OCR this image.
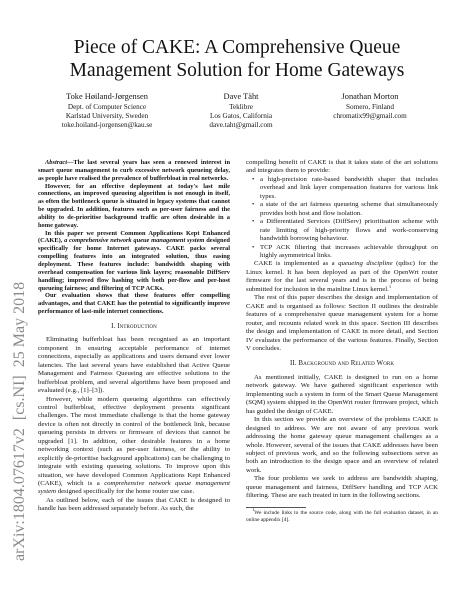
Piece of CAKE: A Comprehensive Queue Management Solution for Home Gateways
Toke Høiland-Jørgensen
Dept. of Computer Science
Karlstad University, Sweden
toke.hoiland-jorgensen@kau.se
Dave Täht
Teklibre
Los Gatos, California
dave.taht@gmail.com
Jonathan Morton
Somero, Finland
chromatix99@gmail.com
arXiv:1804.07617v2  [cs.NI]  25 May 2018

Abstract—The last several years has seen a renewed interest in smart queue management to curb excessive network queueing delay, as people have realised the prevalence of bufferbloat in real networks.

However, for an effective deployment at today's last mile connections, an improved queueing algorithm is not enough in itself, as often the bottleneck queue is situated in legacy systems that cannot be upgraded. In addition, features such as per-user fairness and the ability to de-prioritise background traffic are often desirable in a home gateway.

In this paper we present Common Applications Kept Enhanced (CAKE), a comprehensive network queue management system designed specifically for home Internet gateways. CAKE packs several compelling features into an integrated solution, thus easing deployment. These features include: bandwidth shaping with overhead compensation for various link layers; reasonable DiffServ handling; improved flow hashing with both per-flow and per-host queueing fairness; and filtering of TCP ACKs.

Our evaluation shows that these features offer compelling advantages, and that CAKE has the potential to significantly improve performance of last-mile internet connections.

I. Introduction

Eliminating bufferbloat has been recognised as an important component in ensuring acceptable performance of internet connections, especially as applications and users demand ever lower latencies. The last several years have established that Active Queue Management and Fairness Queueing are effective solutions to the bufferbloat problem, and several algorithms have been proposed and evaluated (e.g., [1]–[3]).

However, while modern queueing algorithms can effectively control bufferbloat, effective deployment presents significant challenges. The most immediate challenge is that the home gateway device is often not directly in control of the bottleneck link, because queueing persists in drivers or firmware of devices that cannot be upgraded [1]. In addition, other desirable features in a home networking context (such as per-user fairness, or the ability to explicitly de-prioritise background applications) can be challenging to integrate with existing queueing solutions. To improve upon this situation, we have developed Common Applications Kept Enhanced (CAKE), which is a comprehensive network queue management system designed specifically for the home router use case.

As outlined below, each of the issues that CAKE is designed to handle has been addressed separately before. As such, the

compelling benefit of CAKE is that it takes state of the art solutions and integrates them to provide:

• a high-precision rate-based bandwidth shaper that includes overhead and link layer compensation features for various link types.
• a state of the art fairness queueing scheme that simultaneously provides both host and flow isolation.
• a Differentiated Services (DiffServ) prioritisation scheme with rate limiting of high-priority flows and work-conserving bandwidth borrowing behaviour.
• TCP ACK filtering that increases achievable throughput on highly asymmetrical links.

CAKE is implemented as a queueing discipline (qdisc) for the Linux kernel. It has been deployed as part of the OpenWrt router firmware for the last several years and is in the process of being submitted for inclusion in the mainline Linux kernel.$^1$

The rest of this paper describes the design and implementation of CAKE and is organised as follows: Section II outlines the desirable features of a comprehensive queue management system for a home router, and recounts related work in this space. Section III describes the design and implementation of CAKE in more detail, and Section IV evaluates the performance of the various features. Finally, Section V concludes.

II. Background and Related Work

As mentioned initially, CAKE is designed to run on a home network gateway. We have gathered significant experience with implementing such a system in form of the Smart Queue Management (SQM) system shipped in the OpenWrt router firmware project, which has guided the design of CAKE.

In this section we provide an overview of the problems CAKE is designed to address. We are not aware of any previous work addressing the home gateway queue management challenges as a whole. However, several of the issues that CAKE addresses have been subject of previous work, and so the following subsections serve as both an introduction to the design space and an overview of related work.

The four problems we seek to address are bandwidth shaping, queue management and fairness, DiffServ handling and TCP ACK filtering. These are each treated in turn in the following sections.

$^1$We include links to the source code, along with the full evaluation dataset, in an online appendix [4].
